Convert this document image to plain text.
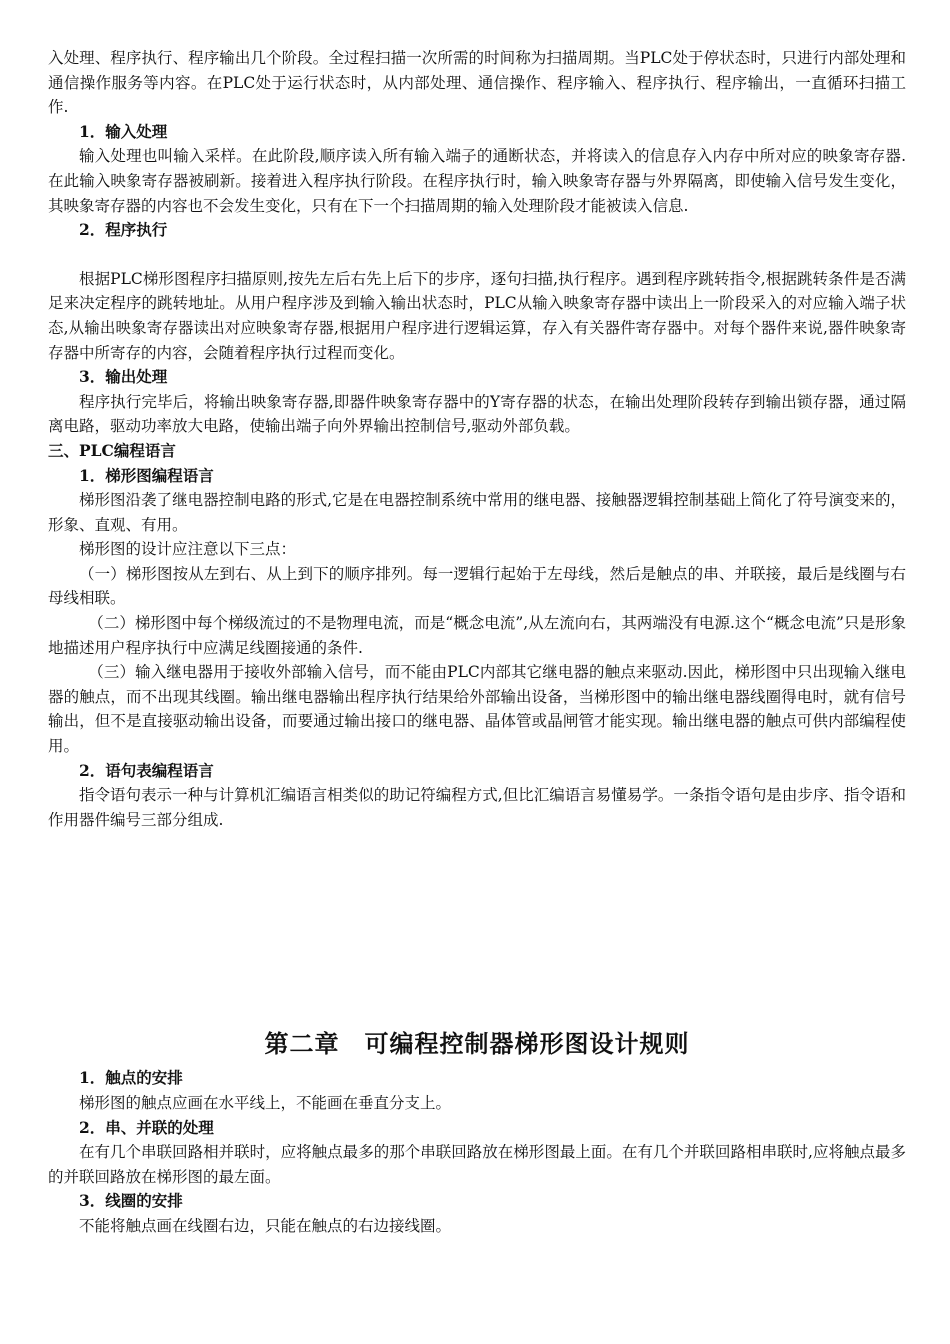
入处理、程序执行、程序输出几个阶段。全过程扫描一次所需的时间称为扫描周期。当PLC处于停状态时，只进行内部处理和通信操作服务等内容。在PLC处于运行状态时，从内部处理、通信操作、程序输入、程序执行、程序输出，一直循环扫描工作.

1．输入处理

输入处理也叫输入采样。在此阶段,顺序读入所有输入端子的通断状态，并将读入的信息存入内存中所对应的映象寄存器.在此输入映象寄存器被刷新。接着进入程序执行阶段。在程序执行时，输入映象寄存器与外界隔离，即使输入信号发生变化，其映象寄存器的内容也不会发生变化，只有在下一个扫描周期的输入处理阶段才能被读入信息.

2．程序执行

根据PLC梯形图程序扫描原则,按先左后右先上后下的步序，逐句扫描,执行程序。遇到程序跳转指令,根据跳转条件是否满足来决定程序的跳转地址。从用户程序涉及到输入输出状态时，PLC从输入映象寄存器中读出上一阶段采入的对应输入端子状态,从输出映象寄存器读出对应映象寄存器,根据用户程序进行逻辑运算，存入有关器件寄存器中。对每个器件来说,器件映象寄存器中所寄存的内容，会随着程序执行过程而变化。

3．输出处理

程序执行完毕后，将输出映象寄存器,即器件映象寄存器中的Y寄存器的状态，在输出处理阶段转存到输出锁存器，通过隔离电路，驱动功率放大电路，使输出端子向外界输出控制信号,驱动外部负载。

三、PLC编程语言

1．梯形图编程语言

梯形图沿袭了继电器控制电路的形式,它是在电器控制系统中常用的继电器、接触器逻辑控制基础上简化了符号演变来的，形象、直观、有用。

梯形图的设计应注意以下三点：

（一）梯形图按从左到右、从上到下的顺序排列。每一逻辑行起始于左母线，然后是触点的串、并联接，最后是线圈与右母线相联。

（二）梯形图中每个梯级流过的不是物理电流，而是“概念电流”,从左流向右，其两端没有电源.这个“概念电流”只是形象地描述用户程序执行中应满足线圈接通的条件.

（三）输入继电器用于接收外部输入信号，而不能由PLC内部其它继电器的触点来驱动.因此，梯形图中只出现输入继电器的触点，而不出现其线圈。输出继电器输出程序执行结果给外部输出设备，当梯形图中的输出继电器线圈得电时，就有信号输出，但不是直接驱动输出设备，而要通过输出接口的继电器、晶体管或晶闸管才能实现。输出继电器的触点可供内部编程使用。

2．语句表编程语言

指令语句表示一种与计算机汇编语言相类似的助记符编程方式,但比汇编语言易懂易学。一条指令语句是由步序、指令语和作用器件编号三部分组成.

第二章　可编程控制器梯形图设计规则

1．触点的安排

梯形图的触点应画在水平线上，不能画在垂直分支上。

2．串、并联的处理

在有几个串联回路相并联时，应将触点最多的那个串联回路放在梯形图最上面。在有几个并联回路相串联时,应将触点最多的并联回路放在梯形图的最左面。

3．线圈的安排

不能将触点画在线圈右边，只能在触点的右边接线圈。
